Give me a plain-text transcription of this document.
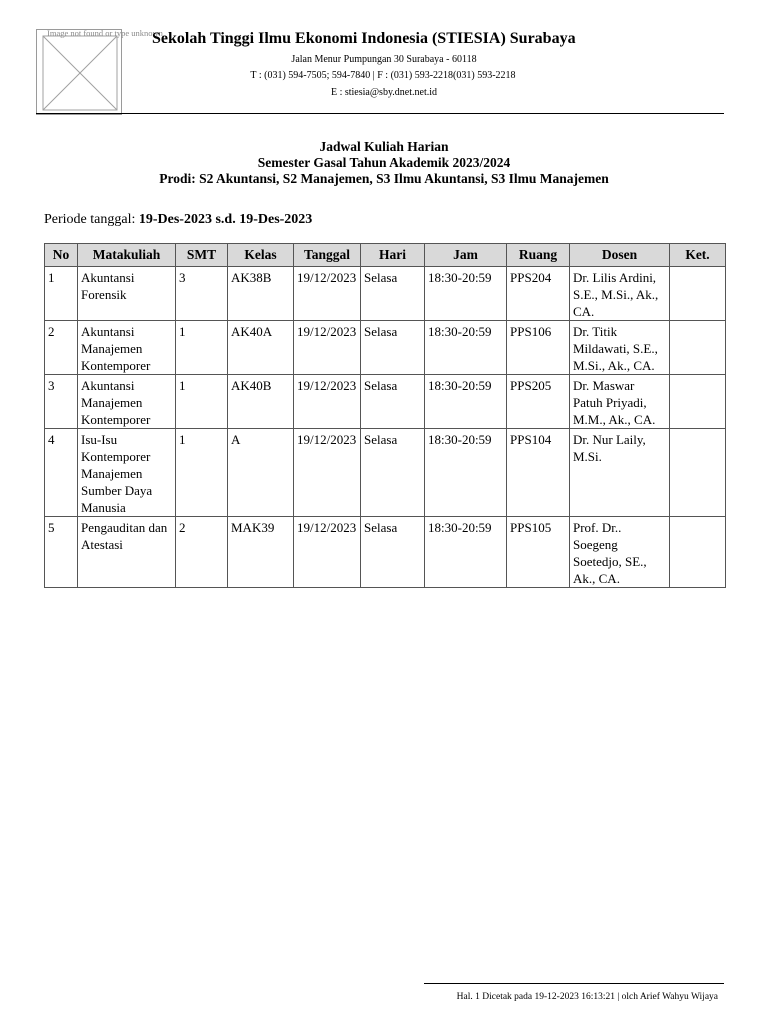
Image not found or type unknown
Sekolah Tinggi Ilmu Ekonomi Indonesia (STIESIA) Surabaya
Jalan Menur Pumpungan 30 Surabaya - 60118
T : (031) 594-7505; 594-7840 | F : (031) 593-2218(031) 593-2218
E : stiesia@sby.dnet.net.id
Jadwal Kuliah Harian
Semester Gasal Tahun Akademik 2023/2024
Prodi: S2 Akuntansi, S2 Manajemen, S3 Ilmu Akuntansi, S3 Ilmu Manajemen
Periode tanggal: 19-Des-2023 s.d. 19-Des-2023
No	Matakuliah	SMT	Kelas	Tanggal	Hari	Jam	Ruang	Dosen	Ket.
1	Akuntansi Forensik	3	AK38B	19/12/2023	Selasa	18:30-20:59	PPS204	Dr. Lilis Ardini, S.E., M.Si., Ak., CA.	
2	Akuntansi Manajemen Kontemporer	1	AK40A	19/12/2023	Selasa	18:30-20:59	PPS106	Dr. Titik Mildawati, S.E., M.Si., Ak., CA.	
3	Akuntansi Manajemen Kontemporer	1	AK40B	19/12/2023	Selasa	18:30-20:59	PPS205	Dr. Maswar Patuh Priyadi, M.M., Ak., CA.	
4	Isu-Isu Kontemporer Manajemen Sumber Daya Manusia	1	A	19/12/2023	Selasa	18:30-20:59	PPS104	Dr. Nur Laily, M.Si.	
5	Pengauditan dan Atestasi	2	MAK39	19/12/2023	Selasa	18:30-20:59	PPS105	Prof. Dr.. Soegeng Soetedjo, SE., Ak., CA.	
Hal. 1 Dicetak pada 19-12-2023 16:13:21 | olch Arief Wahyu Wijaya
